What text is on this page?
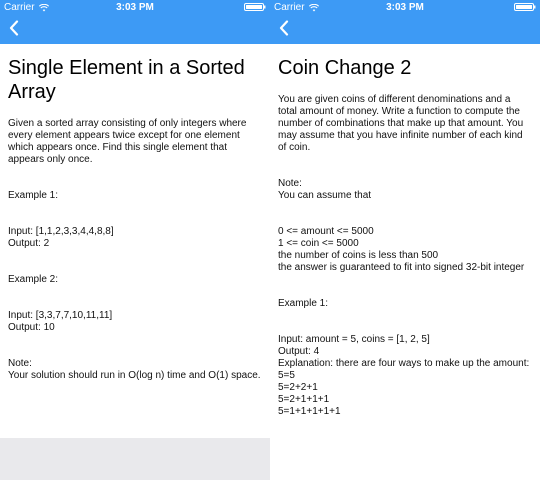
Carrier	3:03 PM
Single Element in a Sorted Array
Given a sorted array consisting of only integers where every element appears twice except for one element which appears once. Find this single element that appears only once.

Example 1:

Input: [1,1,2,3,3,4,4,8,8]
Output: 2

Example 2:

Input: [3,3,7,7,10,11,11]
Output: 10

Note:
Your solution should run in O(log n) time and O(1) space.
Carrier	3:03 PM
Coin Change 2
You are given coins of different denominations and a total amount of money. Write a function to compute the number of combinations that make up that amount. You may assume that you have infinite number of each kind of coin.

Note:
You can assume that

0 <= amount <= 5000
1 <= coin <= 5000
the number of coins is less than 500
the answer is guaranteed to fit into signed 32-bit integer

Example 1:

Input: amount = 5, coins = [1, 2, 5]
Output: 4
Explanation: there are four ways to make up the amount:
5=5
5=2+2+1
5=2+1+1+1
5=1+1+1+1+1
